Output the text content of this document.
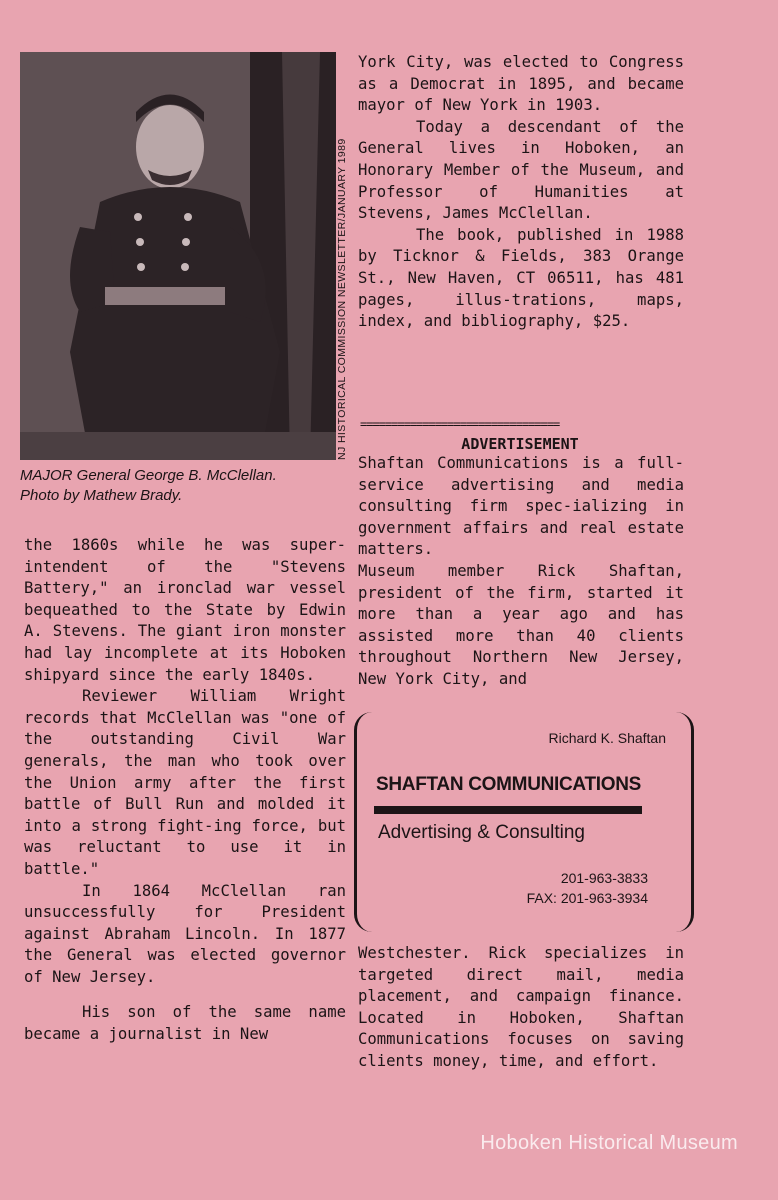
NJ HISTORICAL COMMISSION NEWSLETTER/JANUARY 1989
MAJOR General George B. McClellan.
Photo by Mathew Brady.

the 1860s while he was super-intendent of the "Stevens Battery," an ironclad war vessel bequeathed to the State by Edwin A. Stevens. The giant iron monster had lay incomplete at its Hoboken shipyard since the early 1840s.

Reviewer William Wright records that McClellan was "one of the outstanding Civil War generals, the man who took over the Union army after the first battle of Bull Run and molded it into a strong fight-ing force, but was reluctant to use it in battle."

In 1864 McClellan ran unsuccessfully for President against Abraham Lincoln. In 1877 the General was elected governor of New Jersey.

His son of the same name became a journalist in New

York City, was elected to Congress as a Democrat in 1895, and became mayor of New York in 1903.

Today a descendant of the General lives in Hoboken, an Honorary Member of the Museum, and Professor of Humanities at Stevens, James McClellan.

The book, published in 1988 by Ticknor & Fields, 383 Orange St., New Haven, CT 06511, has 481 pages, illus-trations, maps, index, and bibliography, $25.

================================
ADVERTISEMENT

Shaftan Communications is a full-service advertising and media consulting firm spec-ializing in government affairs and real estate matters.

Museum member Rick Shaftan, president of the firm, started it more than a year ago and has assisted more than 40 clients throughout Northern New Jersey, New York City, and

Richard K. Shaftan
SHAFTAN COMMUNICATIONS
Advertising & Consulting
201-963-3833
FAX: 201-963-3934

Westchester. Rick specializes in targeted direct mail, media placement, and campaign finance. Located in Hoboken, Shaftan Communications focuses on saving clients money, time, and effort.

Hoboken Historical Museum
